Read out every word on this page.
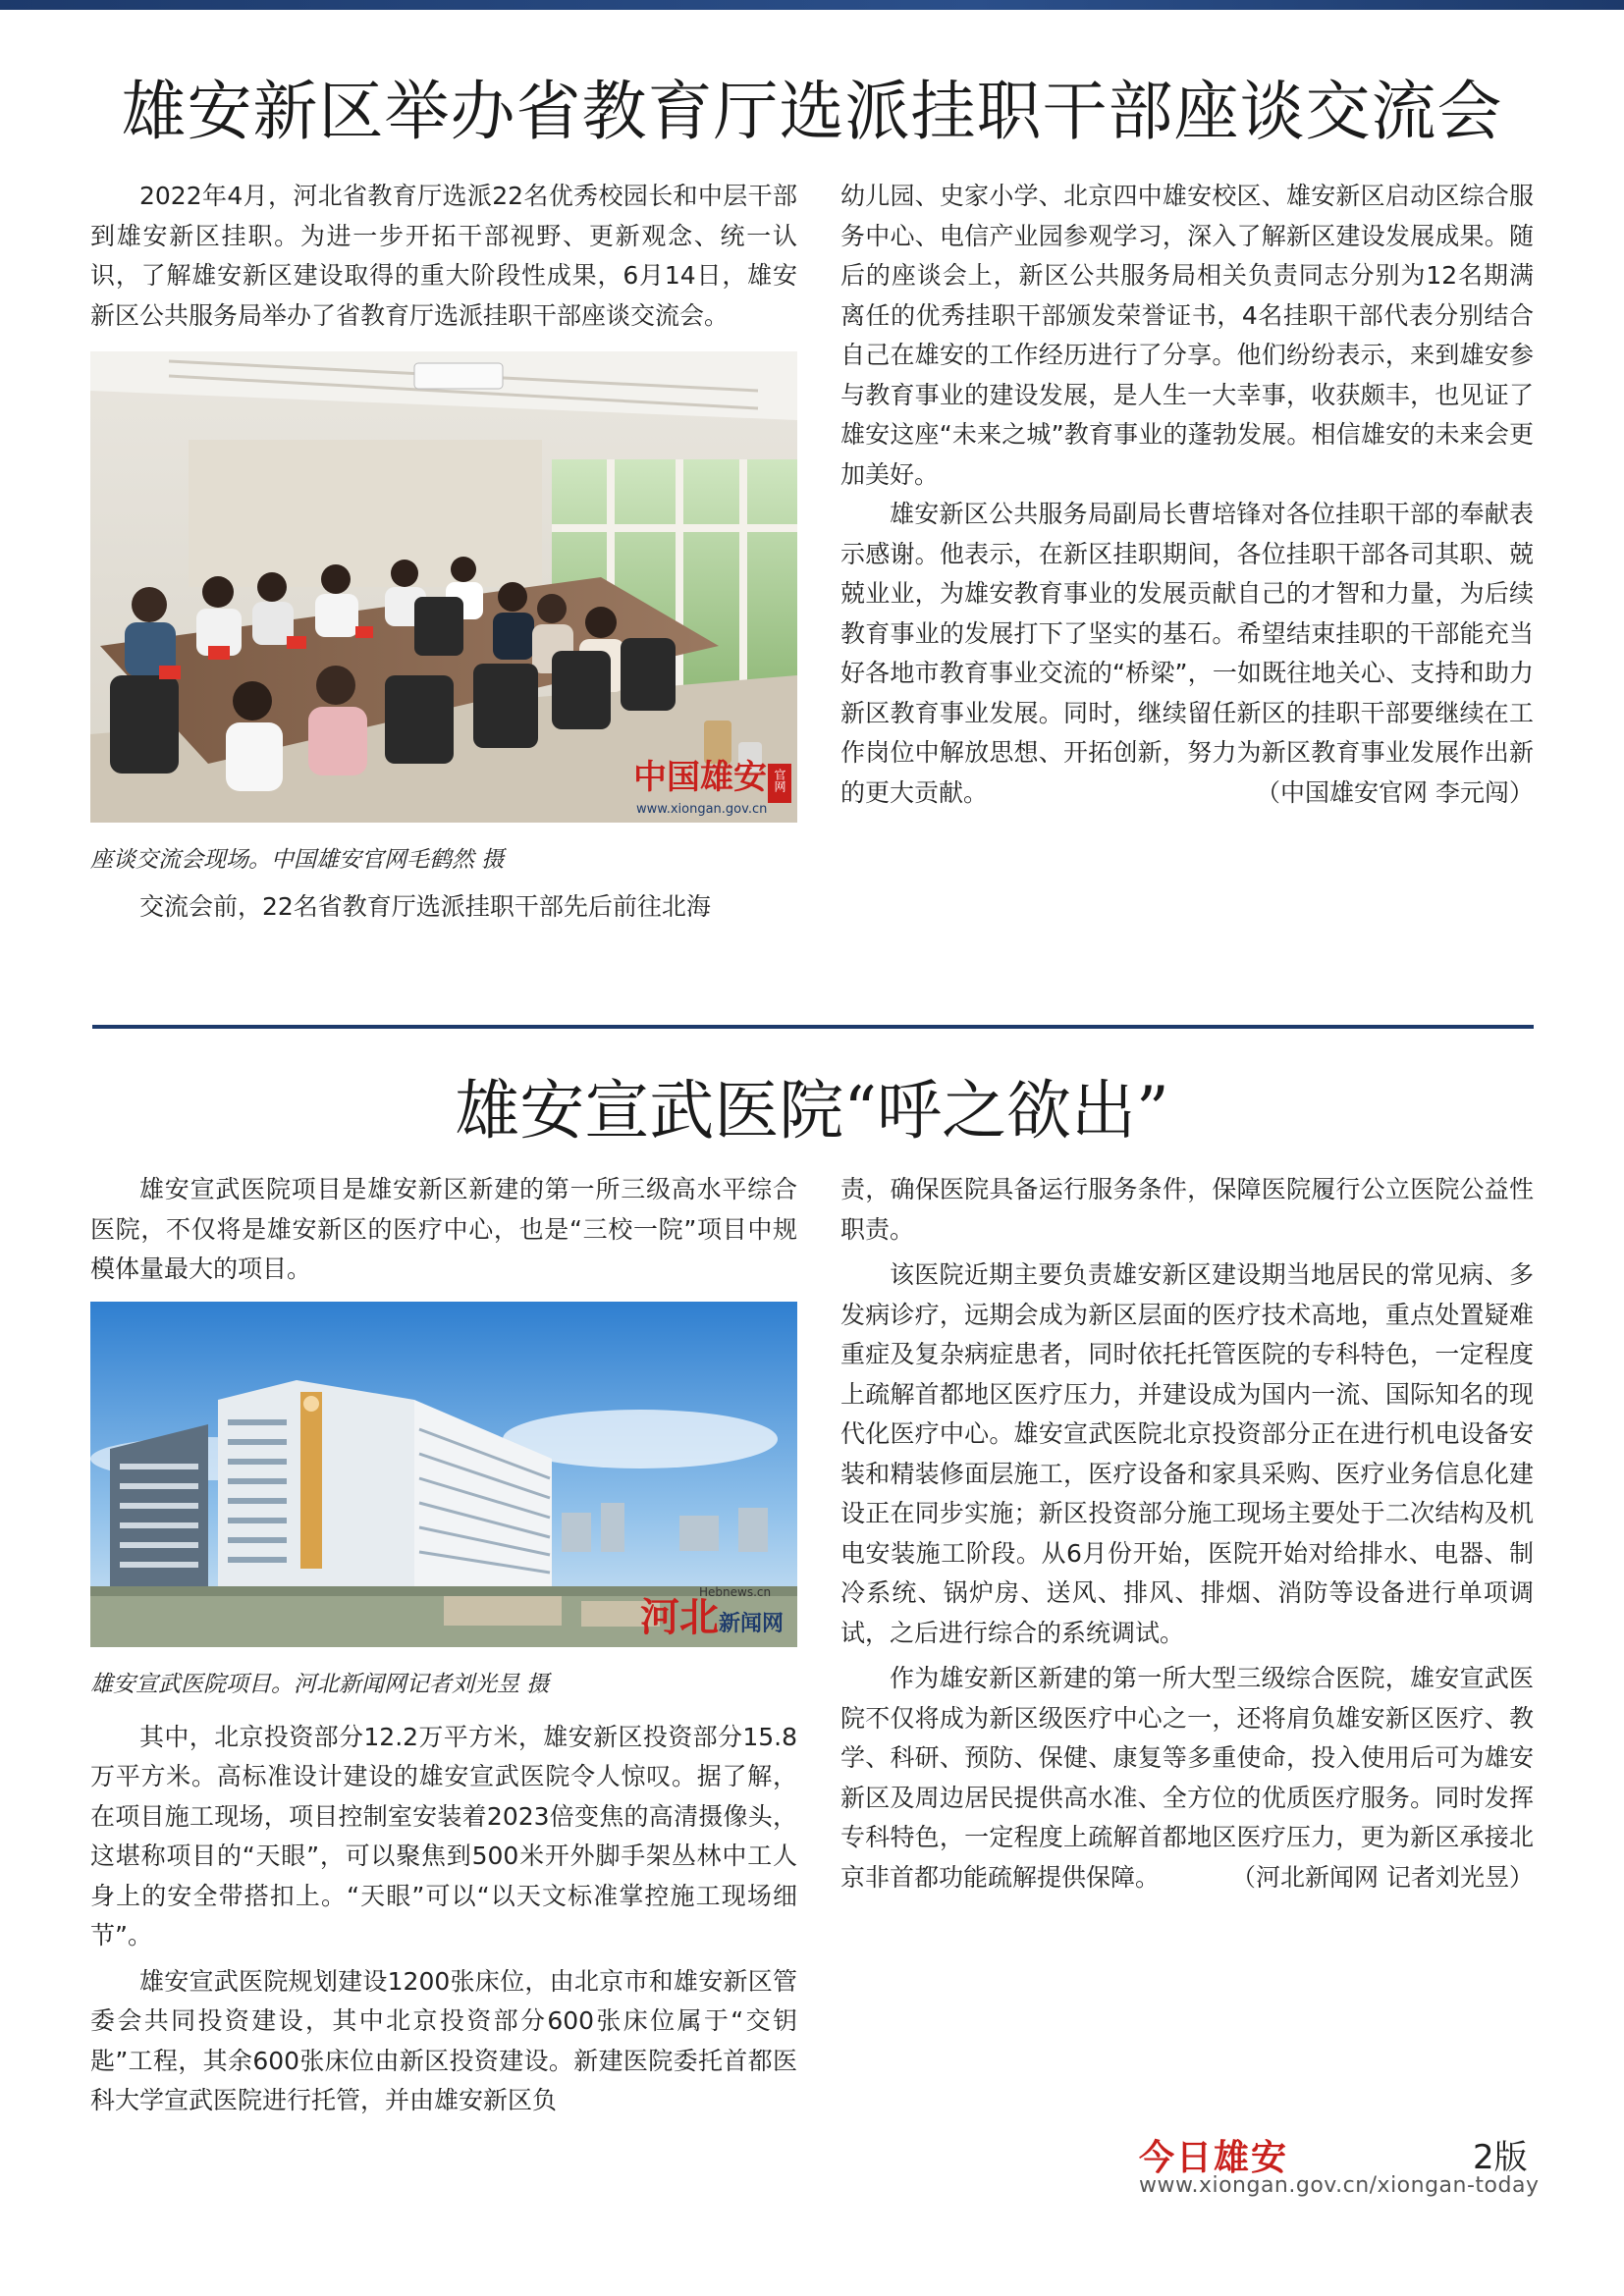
雄安新区举办省教育厅选派挂职干部座谈交流会

2022年4月，河北省教育厅选派22名优秀校园长和中层干部到雄安新区挂职。为进一步开拓干部视野、更新观念、统一认识，了解雄安新区建设取得的重大阶段性成果，6月14日，雄安新区公共服务局举办了省教育厅选派挂职干部座谈交流会。

中国雄安 官网
www.xiongan.gov.cn

座谈交流会现场。中国雄安官网毛鹤然 摄

交流会前，22名省教育厅选派挂职干部先后前往北海

幼儿园、史家小学、北京四中雄安校区、雄安新区启动区综合服务中心、电信产业园参观学习，深入了解新区建设发展成果。随后的座谈会上，新区公共服务局相关负责同志分别为12名期满离任的优秀挂职干部颁发荣誉证书，4名挂职干部代表分别结合自己在雄安的工作经历进行了分享。他们纷纷表示，来到雄安参与教育事业的建设发展，是人生一大幸事，收获颇丰，也见证了雄安这座“未来之城”教育事业的蓬勃发展。相信雄安的未来会更加美好。

雄安新区公共服务局副局长曹培锋对各位挂职干部的奉献表示感谢。他表示，在新区挂职期间，各位挂职干部各司其职、兢兢业业，为雄安教育事业的发展贡献自己的才智和力量，为后续教育事业的发展打下了坚实的基石。希望结束挂职的干部能充当好各地市教育事业交流的“桥梁”，一如既往地关心、支持和助力新区教育事业发展。同时，继续留任新区的挂职干部要继续在工作岗位中解放思想、开拓创新，努力为新区教育事业发展作出新的更大贡献。	（中国雄安官网 李元闯）
雄安宣武医院“呼之欲出”

雄安宣武医院项目是雄安新区新建的第一所三级高水平综合医院，不仅将是雄安新区的医疗中心，也是“三校一院”项目中规模体量最大的项目。

河北 新闻网
Hebnews.cn

雄安宣武医院项目。河北新闻网记者刘光昱 摄

其中，北京投资部分12.2万平方米，雄安新区投资部分15.8万平方米。高标准设计建设的雄安宣武医院令人惊叹。据了解，在项目施工现场，项目控制室安装着2023倍变焦的高清摄像头，这堪称项目的“天眼”，可以聚焦到500米开外脚手架丛林中工人身上的安全带搭扣上。“天眼”可以“以天文标准掌控施工现场细节”。

雄安宣武医院规划建设1200张床位，由北京市和雄安新区管委会共同投资建设，其中北京投资部分600张床位属于“交钥匙”工程，其余600张床位由新区投资建设。新建医院委托首都医科大学宣武医院进行托管，并由雄安新区负

责，确保医院具备运行服务条件，保障医院履行公立医院公益性职责。

该医院近期主要负责雄安新区建设期当地居民的常见病、多发病诊疗，远期会成为新区层面的医疗技术高地，重点处置疑难重症及复杂病症患者，同时依托托管医院的专科特色，一定程度上疏解首都地区医疗压力，并建设成为国内一流、国际知名的现代化医疗中心。雄安宣武医院北京投资部分正在进行机电设备安装和精装修面层施工，医疗设备和家具采购、医疗业务信息化建设正在同步实施；新区投资部分施工现场主要处于二次结构及机电安装施工阶段。从6月份开始，医院开始对给排水、电器、制冷系统、锅炉房、送风、排风、排烟、消防等设备进行单项调试，之后进行综合的系统调试。

作为雄安新区新建的第一所大型三级综合医院，雄安宣武医院不仅将成为新区级医疗中心之一，还将肩负雄安新区医疗、教学、科研、预防、保健、康复等多重使命，投入使用后可为雄安新区及周边居民提供高水准、全方位的优质医疗服务。同时发挥专科特色，一定程度上疏解首都地区医疗压力，更为新区承接北京非首都功能疏解提供保障。	（河北新闻网 记者刘光昱）
今日雄安	2版
www.xiongan.gov.cn/xiongan-today
